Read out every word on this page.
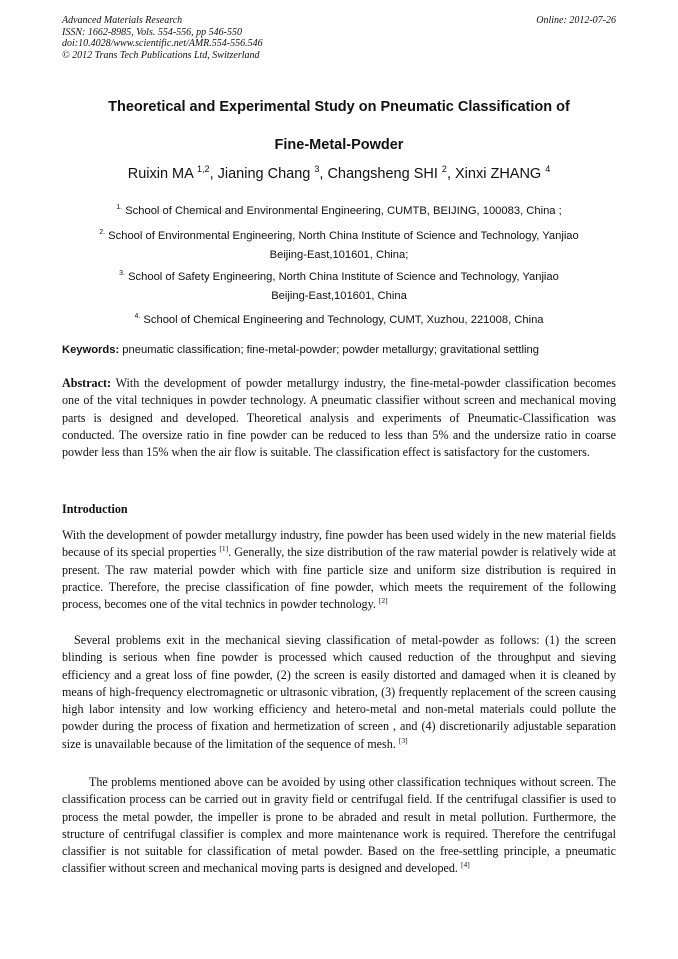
Advanced Materials Research
ISSN: 1662-8985, Vols. 554-556, pp 546-550
doi:10.4028/www.scientific.net/AMR.554-556.546
© 2012 Trans Tech Publications Ltd, Switzerland
Online: 2012-07-26
Theoretical and Experimental Study on Pneumatic Classification of
Fine-Metal-Powder
Ruixin MA $^{1,2}$, Jianing Chang $^3$, Changsheng SHI $^2$, Xinxi ZHANG $^4$
$^{1.}$ School of Chemical and Environmental Engineering, CUMTB, BEIJING, 100083, China ;
$^{2.}$ School of Environmental Engineering, North China Institute of Science and Technology, Yanjiao
Beijing-East,101601, China;
$^{3.}$ School of Safety Engineering, North China Institute of Science and Technology, Yanjiao
Beijing-East,101601, China
$^{4.}$ School of Chemical Engineering and Technology, CUMT, Xuzhou, 221008, China
Keywords: pneumatic classification; fine-metal-powder; powder metallurgy; gravitational settling
Abstract: With the development of powder metallurgy industry, the fine-metal-powder classification becomes one of the vital techniques in powder technology. A pneumatic classifier without screen and mechanical moving parts is designed and developed. Theoretical analysis and experiments of Pneumatic-Classification was conducted. The oversize ratio in fine powder can be reduced to less than 5% and the undersize ratio in coarse powder less than 15% when the air flow is suitable. The classification effect is satisfactory for the customers.
Introduction
With the development of powder metallurgy industry, fine powder has been used widely in the new material fields because of its special properties [1]. Generally, the size distribution of the raw material powder is relatively wide at present. The raw material powder which with fine particle size and uniform size distribution is required in practice. Therefore, the precise classification of fine powder, which meets the requirement of the following process, becomes one of the vital technics in powder technology. [2]
Several problems exit in the mechanical sieving classification of metal-powder as follows: (1) the screen blinding is serious when fine powder is processed which caused reduction of the throughput and sieving efficiency and a great loss of fine powder, (2) the screen is easily distorted and damaged when it is cleaned by means of high-frequency electromagnetic or ultrasonic vibration, (3) frequently replacement of the screen causing high labor intensity and low working efficiency and hetero-metal and non-metal materials could pollute the powder during the process of fixation and hermetization of screen , and (4) discretionarily adjustable separation size is unavailable because of the limitation of the sequence of mesh. [3]
The problems mentioned above can be avoided by using other classification techniques without screen. The classification process can be carried out in gravity field or centrifugal field. If the centrifugal classifier is used to process the metal powder, the impeller is prone to be abraded and result in metal pollution. Furthermore, the structure of centrifugal classifier is complex and more maintenance work is required. Therefore the centrifugal classifier is not suitable for classification of metal powder. Based on the free-settling principle, a pneumatic classifier without screen and mechanical moving parts is designed and developed. [4]
